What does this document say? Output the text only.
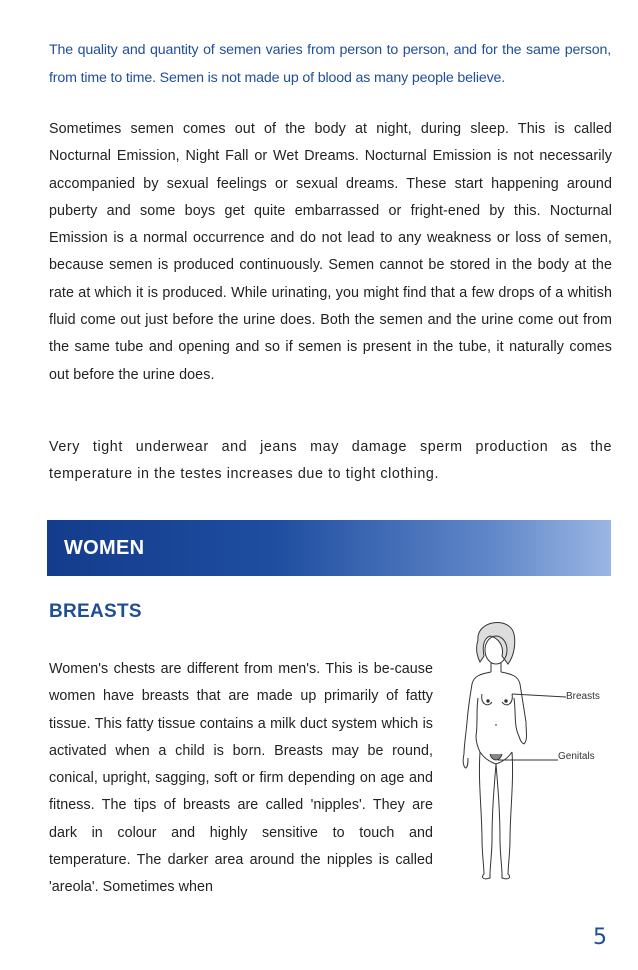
The quality and quantity of semen varies from person to person, and for the same person, from time to time. Semen is not made up of blood as many people believe.
Sometimes semen comes out of the body at night, during sleep. This is called Nocturnal Emission, Night Fall or Wet Dreams. Nocturnal Emission is not necessarily accompanied by sexual feelings or sexual dreams. These start happening around puberty and some boys get quite embarrassed or fright-ened by this. Nocturnal Emission is a normal occurrence and do not lead to any weakness or loss of semen, because semen is produced continuously. Semen cannot be stored in the body at the rate at which it is produced. While urinating, you might find that a few drops of a whitish fluid come out just before the urine does. Both the semen and the urine come out from the same tube and opening and so if semen is present in the tube, it naturally comes out before the urine does.
Very tight underwear and jeans may damage sperm production as the temperature in the testes increases due to tight clothing.
WOMEN
BREASTS
Women's chests are different from men's. This is be-cause women have breasts that are made up primarily of fatty tissue. This fatty tissue contains a milk duct system which is activated when a child is born. Breasts may be round, conical, upright, sagging, soft or firm depending on age and fitness. The tips of breasts are called 'nipples'. They are dark in colour and highly sensitive to touch and temperature. The darker area around the nipples is called 'areola'. Sometimes when
Breasts
Genitals
5
